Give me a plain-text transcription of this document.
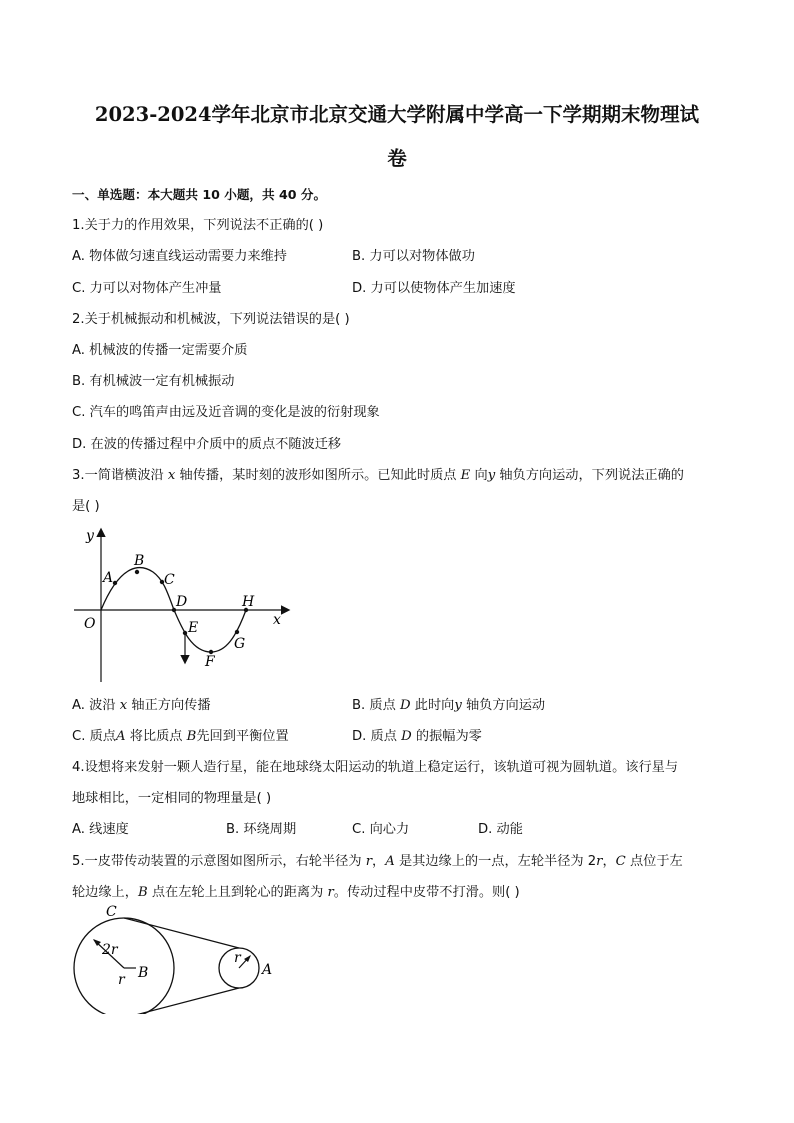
2023-2024学年北京市北京交通大学附属中学高一下学期期末物理试
卷
一、单选题：本大题共 10 小题，共 40 分。
1.关于力的作用效果，下列说法不正确的( )
A. 物体做匀速直线运动需要力来维持	B. 力可以对物体做功
C. 力可以对物体产生冲量	D. 力可以使物体产生加速度
2.关于机械振动和机械波，下列说法错误的是( )
A. 机械波的传播一定需要介质
B. 有机械波一定有机械振动
C. 汽车的鸣笛声由远及近音调的变化是波的衍射现象
D. 在波的传播过程中介质中的质点不随波迁移
3.一简谐横波沿 x 轴传播，某时刻的波形如图所示。已知此时质点 E 向y 轴负方向运动，下列说法正确的
是( )
y
x
O
A
B
C
D
E
F
G
H
A. 波沿 x 轴正方向传播	B. 质点 D 此时向y 轴负方向运动
C. 质点A 将比质点 B先回到平衡位置	D. 质点 D 的振幅为零
4.设想将来发射一颗人造行星，能在地球绕太阳运动的轨道上稳定运行，该轨道可视为圆轨道。该行星与
地球相比，一定相同的物理量是( )
A. 线速度	B. 环绕周期	C. 向心力	D. 动能
5.一皮带传动装置的示意图如图所示，右轮半径为 r，A 是其边缘上的一点，左轮半径为 2r，C 点位于左
轮边缘上，B 点在左轮上且到轮心的距离为 r。传动过程中皮带不打滑。则( )
C
2r
r B
r
A
